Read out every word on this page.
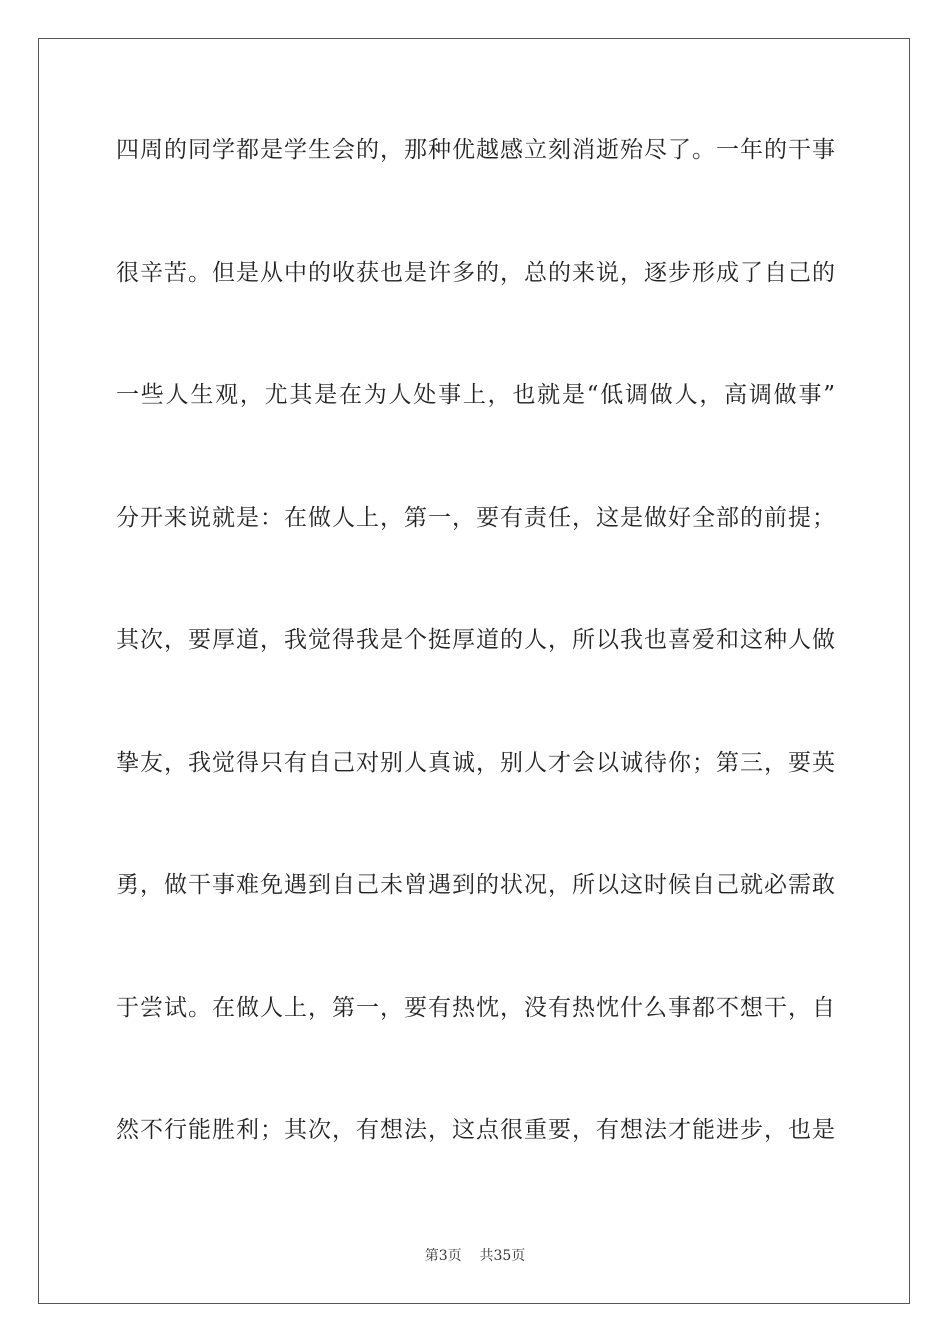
四周的同学都是学生会的，那种优越感立刻消逝殆尽了。一年的干事
很辛苦。但是从中的收获也是许多的，总的来说，逐步形成了自己的
一些人生观，尤其是在为人处事上，也就是“低调做人，高调做事”
分开来说就是：在做人上，第一，要有责任，这是做好全部的前提；
其次，要厚道，我觉得我是个挺厚道的人，所以我也喜爱和这种人做
挚友，我觉得只有自己对别人真诚，别人才会以诚待你；第三，要英
勇，做干事难免遇到自己未曾遇到的状况，所以这时候自己就必需敢
于尝试。在做人上，第一，要有热忱，没有热忱什么事都不想干，自
然不行能胜利；其次，有想法，这点很重要，有想法才能进步，也是
第3页 共35页
